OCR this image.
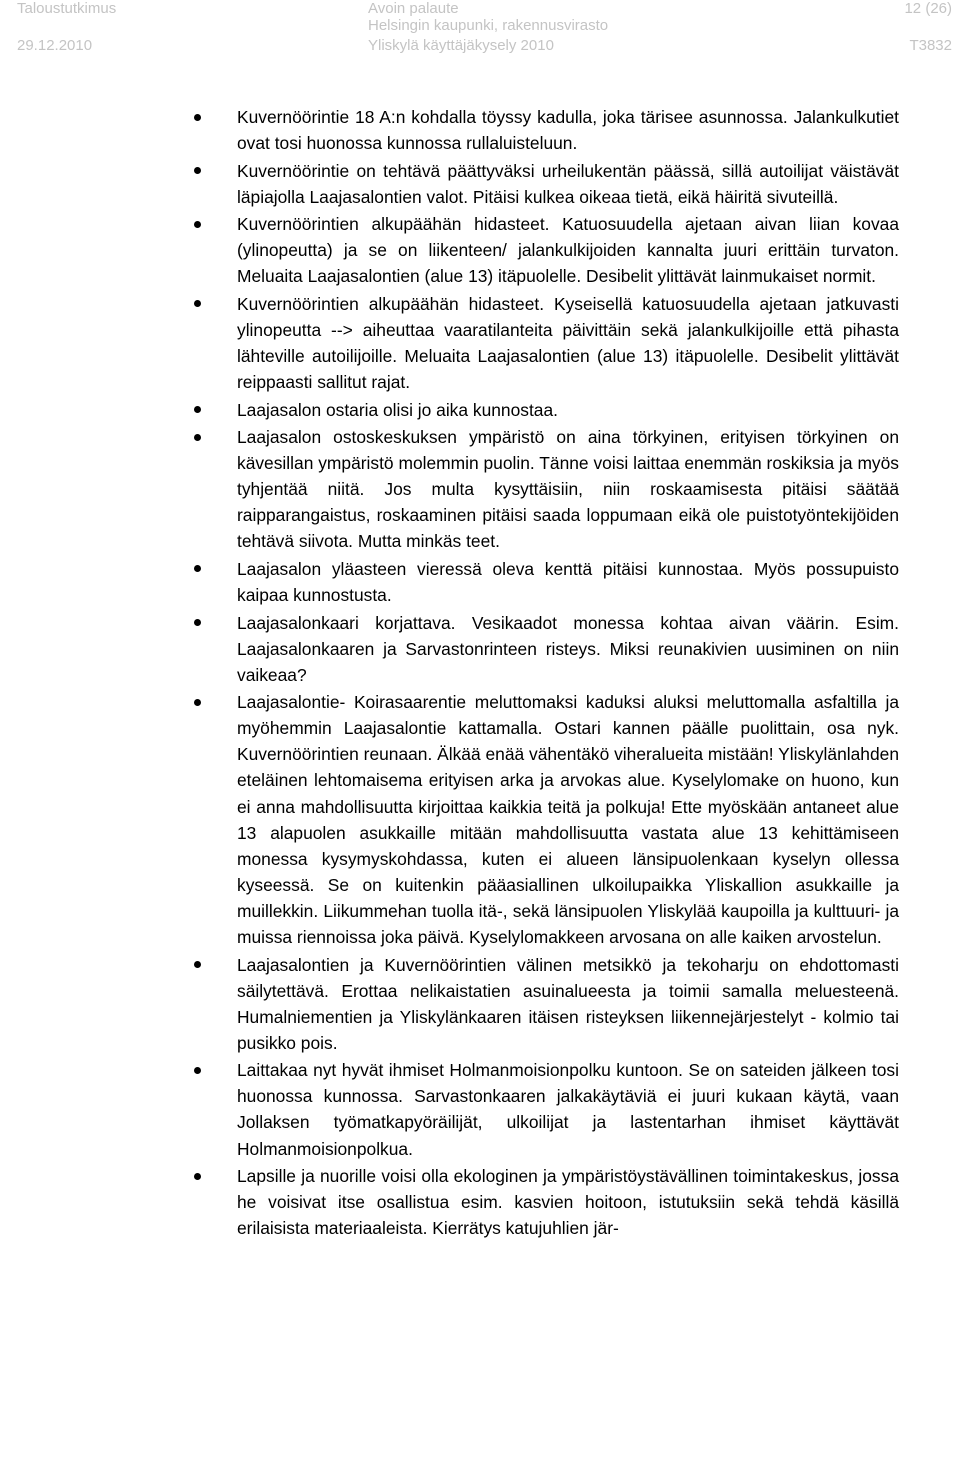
Taloustutkimus
29.12.2010
Avoin palaute
Helsingin kaupunki, rakennusvirasto
Yliskylä käyttäjäkysely 2010
12 (26)
T3832
Kuvernöörintie 18 A:n kohdalla töyssy kadulla, joka tärisee asunnossa. Jalankulkutiet ovat tosi huonossa kunnossa rullaluisteluun.
Kuvernöörintie on tehtävä päättyväksi urheilukentän päässä, sillä autoilijat väistävät läpiajolla Laajasalontien valot. Pitäisi kulkea oikeaa tietä, eikä häiritä sivuteillä.
Kuvernöörintien alkupäähän hidasteet. Katuosuudella ajetaan aivan liian kovaa (ylinopeutta) ja se on liikenteen/ jalankulkijoiden kannalta juuri erittäin turvaton. Meluaita Laajasalontien (alue 13) itäpuolelle. Desibelit ylittävät lainmukaiset normit.
Kuvernöörintien alkupäähän hidasteet. Kyseisellä katuosuudella ajetaan jatkuvasti ylinopeutta --> aiheuttaa vaaratilanteita päivittäin sekä jalankulkijoille että pihasta lähteville autoilijoille. Meluaita Laajasalontien (alue 13) itäpuolelle. Desibelit ylittävät reippaasti sallitut rajat.
Laajasalon ostaria olisi jo aika kunnostaa.
Laajasalon ostoskeskuksen ympäristö on aina törkyinen, erityisen törkyinen on kävesillan ympäristö molemmin puolin. Tänne voisi laittaa enemmän roskiksia ja myös tyhjentää niitä. Jos multa kysyttäisiin, niin roskaamisesta pitäisi säätää raipparangaistus, roskaaminen pitäisi saada loppumaan eikä ole puistotyöntekijöiden tehtävä siivota. Mutta minkäs teet.
Laajasalon yläasteen vieressä oleva kenttä pitäisi kunnostaa. Myös possupuisto kaipaa kunnostusta.
Laajasalonkaari korjattava. Vesikaadot monessa kohtaa aivan väärin. Esim. Laajasalonkaaren ja Sarvastonrinteen risteys. Miksi reunakivien uusiminen on niin vaikeaa?
Laajasalontie- Koirasaarentie meluttomaksi kaduksi aluksi meluttomalla asfaltilla ja myöhemmin Laajasalontie kattamalla. Ostari kannen päälle puolittain, osa nyk. Kuvernöörintien reunaan. Älkää enää vähentäkö viheralueita mistään! Yliskylänlahden eteläinen lehtomaisema erityisen arka ja arvokas alue. Kyselylomake on huono, kun ei anna mahdollisuutta kirjoittaa kaikkia teitä ja polkuja! Ette myöskään antaneet alue 13 alapuolen asukkaille mitään mahdollisuutta vastata alue 13 kehittämiseen monessa kysymyskohdassa, kuten ei alueen länsipuolenkaan kyselyn ollessa kyseessä. Se on kuitenkin pääasiallinen ulkoilupaikka Yliskallion asukkaille ja muillekkin. Liikummehan tuolla itä-, sekä länsipuolen Yliskylää kaupoilla ja kulttuuri- ja muissa riennoissa joka päivä. Kyselylomakkeen arvosana on alle kaiken arvostelun.
Laajasalontien ja Kuvernöörintien välinen metsikkö ja tekoharju on ehdottomasti säilytettävä. Erottaa nelikaistatien asuinalueesta ja toimii samalla meluesteenä. Humalniementien ja Yliskylänkaaren itäisen risteyksen liikennejärjestelyt - kolmio tai pusikko pois.
Laittakaa nyt hyvät ihmiset Holmanmoisionpolku kuntoon. Se on sateiden jälkeen tosi huonossa kunnossa. Sarvastonkaaren jalkakäytäviä ei juuri kukaan käytä, vaan Jollaksen työmatkapyöräilijät, ulkoilijat ja lastentarhan ihmiset käyttävät Holmanmoisionpolkua.
Lapsille ja nuorille voisi olla ekologinen ja ympäristöystävällinen toimintakeskus, jossa he voisivat itse osallistua esim. kasvien hoitoon, istutuksiin sekä tehdä käsillä erilaisista materiaaleista. Kierrätys katujuhlien jär-
